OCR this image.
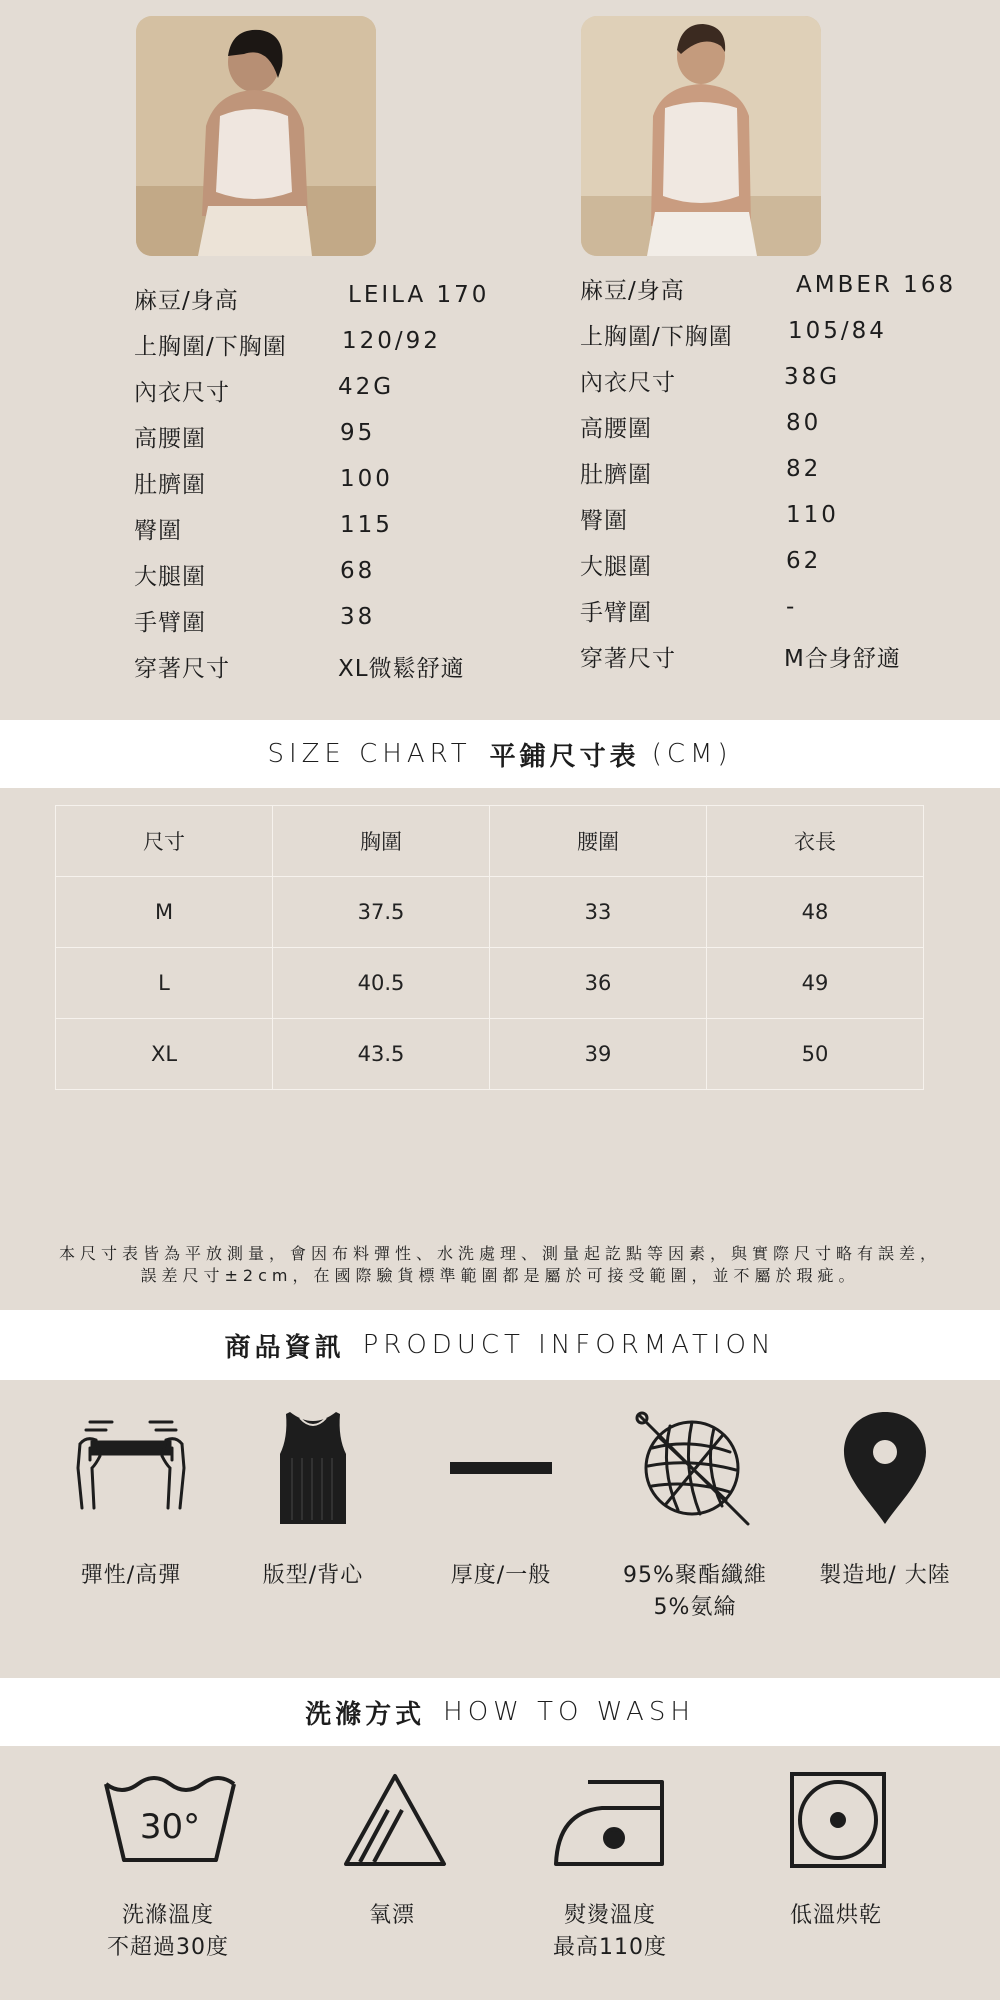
麻豆/身高	LEILA 170
上胸圍/下胸圍 120/92
內衣尺寸	42G
高腰圍	95
肚臍圍	100
臀圍	115
大腿圍	68
手臂圍	38
穿著尺寸	XL微鬆舒適
麻豆/身高	AMBER 168
上胸圍/下胸圍 105/84
內衣尺寸	38G
高腰圍	80
肚臍圍	82
臀圍	110
大腿圍	62
手臂圍	-
穿著尺寸	M合身舒適
SIZE CHART 平鋪尺寸表 (CM)
尺寸	胸圍	腰圍	衣長
M	37.5	33	48
L	40.5	36	49
XL	43.5	39	50
本尺寸表皆為平放測量，會因布料彈性、水洗處理、測量起訖點等因素，與實際尺寸略有誤差，
誤差尺寸±2cm，在國際驗貨標準範圍都是屬於可接受範圍，並不屬於瑕疵。
商品資訊 PRODUCT INFORMATION
彈性/高彈	版型/背心	厚度/一般	95%聚酯纖維
5%氨綸
製造地/ 大陸
洗滌方式 HOW TO WASH
30°
洗滌溫度
不超過30度
氧漂	熨燙溫度
最高110度
低溫烘乾
